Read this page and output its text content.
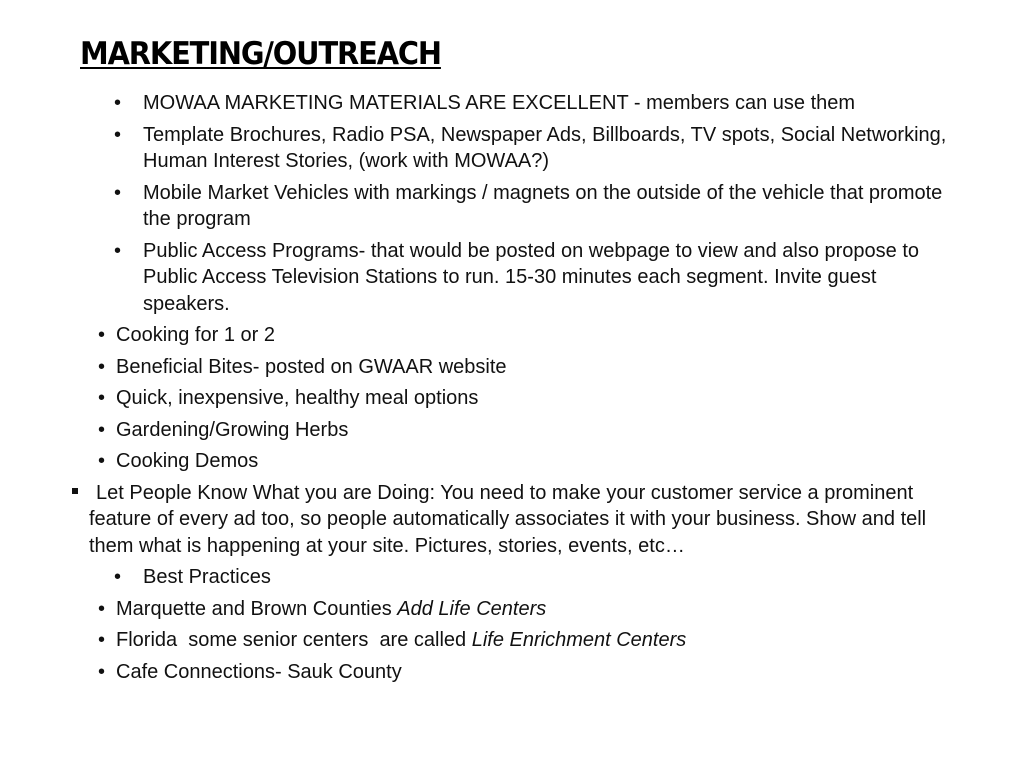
MARKETING/OUTREACH
• MOWAA MARKETING MATERIALS ARE EXCELLENT - members can use them
• Template Brochures, Radio PSA, Newspaper Ads, Billboards, TV spots, Social Networking, Human Interest Stories, (work with MOWAA?)
• Mobile Market Vehicles with markings / magnets on the outside of the vehicle that promote the program
• Public Access Programs- that would be posted on webpage to view and also propose to Public Access Television Stations to run. 15-30 minutes each segment. Invite guest speakers.
• Cooking for 1 or 2
• Beneficial Bites- posted on GWAAR website
• Quick, inexpensive, healthy meal options
• Gardening/Growing Herbs
• Cooking Demos
Let People Know What you are Doing: You need to make your customer service a prominent feature of every ad too, so people automatically associates it with your business. Show and tell them what is happening at your site. Pictures, stories, events, etc…
• Best Practices
• Marquette and Brown Counties Add Life Centers
• Florida  some senior centers  are called Life Enrichment Centers
• Cafe Connections- Sauk County
